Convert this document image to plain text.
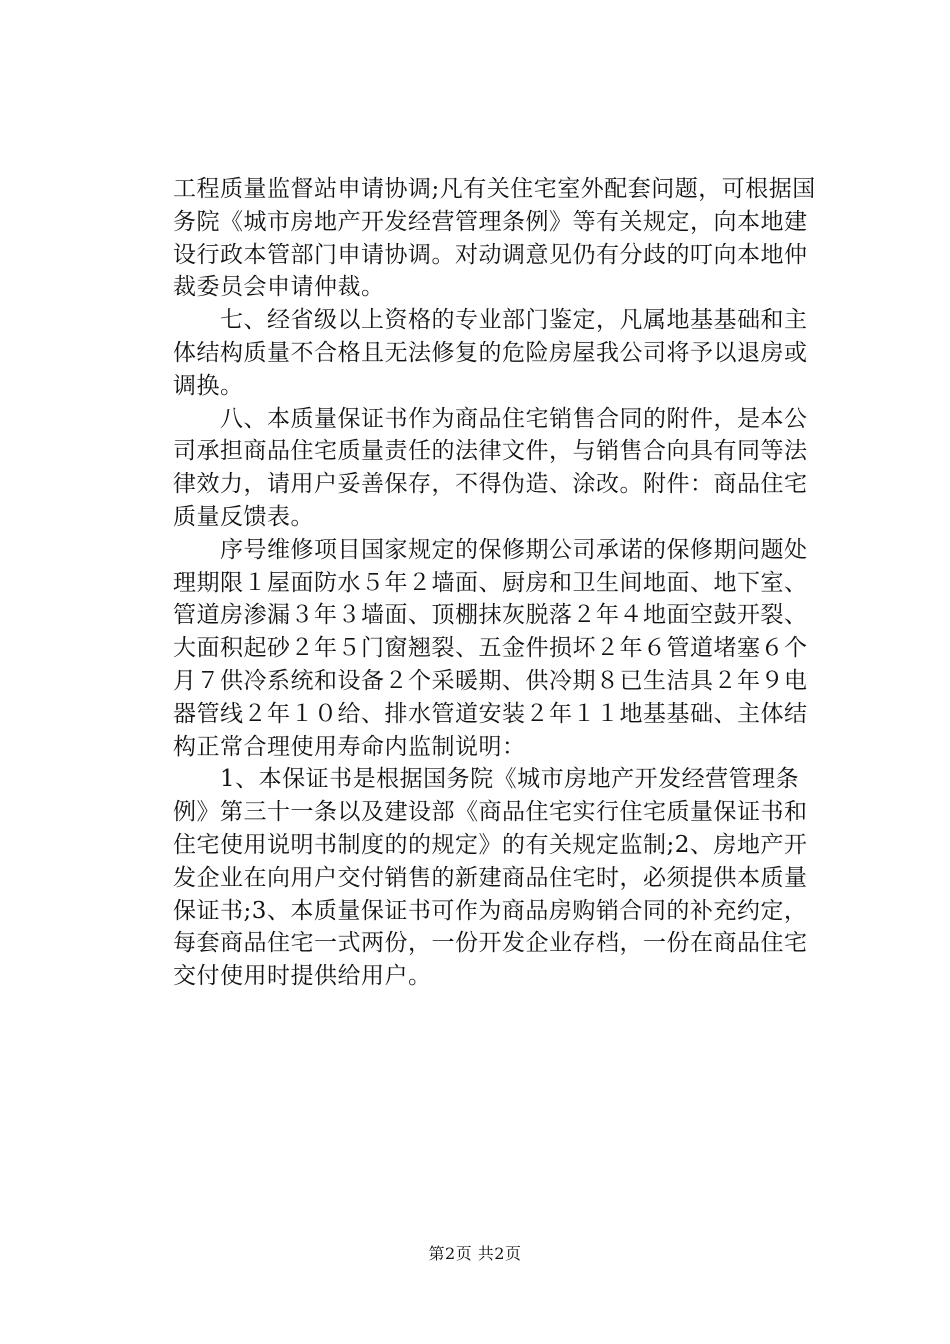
工程质量监督站申请协调;凡有关住宅室外配套问题，可根据国
务院《城市房地产开发经营管理条例》等有关规定，向本地建
设行政本管部门申请协调。对动调意见仍有分歧的叮向本地仲
裁委员会申请仲裁。
　　七、经省级以上资格的专业部门鉴定，凡属地基基础和主
体结构质量不合格且无法修复的危险房屋我公司将予以退房或
调换。
　　八、本质量保证书作为商品住宅销售合同的附件，是本公
司承担商品住宅质量责任的法律文件，与销售合向具有同等法
律效力，请用户妥善保存，不得伪造、涂改。附件：商品住宅
质量反馈表。
　　序号维修项目国家规定的保修期公司承诺的保修期问题处
理期限１屋面防水５年２墙面、厨房和卫生间地面、地下室、
管道房渗漏３年３墙面、顶棚抹灰脱落２年４地面空鼓开裂、
大面积起砂２年５门窗翘裂、五金件损坏２年６管道堵塞６个
月７供冷系统和设备２个采暖期、供冷期８已生洁具２年９电
器管线２年１０给、排水管道安装２年１１地基基础、主体结
构正常合理使用寿命内监制说明：
　　1、本保证书是根据国务院《城市房地产开发经营管理条
例》第三十一条以及建设部《商品住宅实行住宅质量保证书和
住宅使用说明书制度的的规定》的有关规定监制;2、房地产开
发企业在向用户交付销售的新建商品住宅时，必须提供本质量
保证书;3、本质量保证书可作为商品房购销合同的补充约定，
每套商品住宅一式两份，一份开发企业存档，一份在商品住宅
交付使用时提供给用户。
第2页 共2页
